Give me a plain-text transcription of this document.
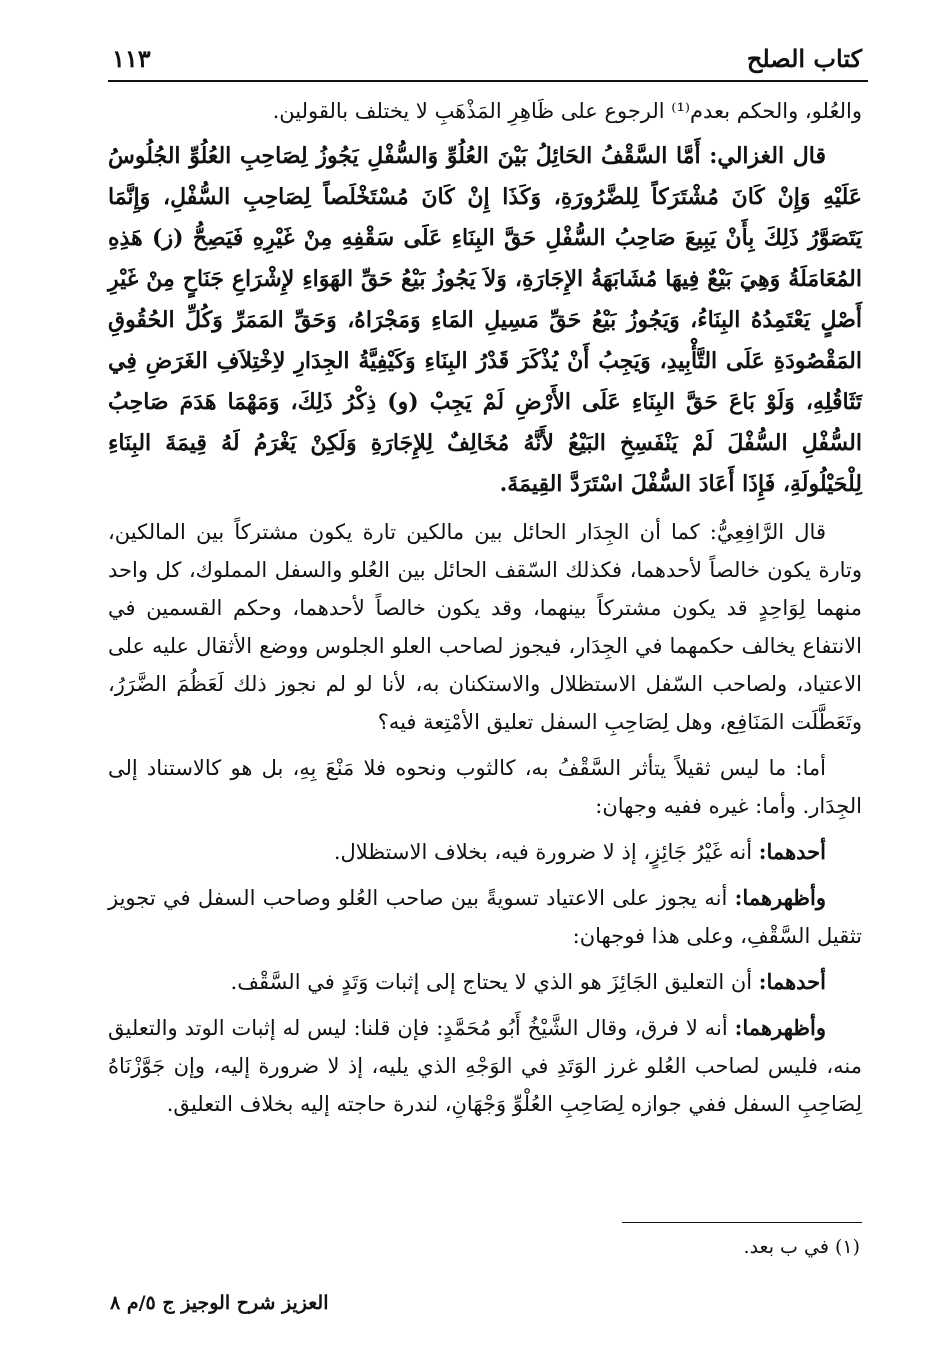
كتاب الصلح
١١٣

والعُلو، والحكم بعدم⁽¹⁾ الرجوع على ظَاهِرِ المَذْهَبِ لا يختلف بالقولين.

قال الغزالي: أَمَّا السَّقْفُ الحَائِلُ بَيْنَ العُلُوِّ وَالسُّفْلِ يَجُوزُ لِصَاحِبِ العُلُوِّ الجُلُوسُ عَلَيْهِ وَإِنْ كَانَ مُشْتَرَكاً لِلضَّرُورَةِ، وَكَذَا إِنْ كَانَ مُسْتَخْلَصاً لِصَاحِبِ السُّفْلِ، وَإِنَّمَا يَتَصَوَّرُ ذَلِكَ بِأَنْ يَبِيعَ صَاحِبُ السُّفْلِ حَقَّ البِنَاءِ عَلَى سَقْفِهِ مِنْ غَيْرِهِ فَيَصِحُّ (ز) هَذِهِ المُعَامَلَةُ وَهِيَ بَيْعٌ فِيهَا مُشَابَهَةُ الإِجَارَةِ، وَلاَ يَجُوزُ بَيْعُ حَقِّ الهَوَاءِ لإِشْرَاعِ جَنَاحٍ مِنْ غَيْرِ أَصْلٍ يَعْتَمِدُهُ البِنَاءُ، وَيَجُوزُ بَيْعُ حَقِّ مَسِيلِ المَاءِ وَمَجْرَاهُ، وَحَقِّ المَمَرِّ وَكُلِّ الحُقُوقِ المَقْصُودَةِ عَلَى التَّأْبِيدِ، وَيَجِبُ أَنْ يُذْكَرَ قَدْرُ البِنَاءِ وَكَيْفِيَّةُ الجِدَارِ لاِخْتِلاَفِ الغَرَضِ فِي تَثَاقُلِهِ، وَلَوْ بَاعَ حَقَّ البِنَاءِ عَلَى الأَرْضِ لَمْ يَجِبْ (و) ذِكْرُ ذَلِكَ، وَمَهْمَا هَدَمَ صَاحِبُ السُّفْلِ السُّفْلَ لَمْ يَنْفَسِخِ البَيْعُ لأَنَّهُ مُخَالِفٌ لِلإِجَارَةِ وَلَكِنْ يَغْرَمُ لَهُ قِيمَةَ البِنَاءِ لِلْحَيْلُولَةِ، فَإِذَا أَعَادَ السُّفْلَ اسْتَرَدَّ القِيمَةَ.

قال الرَّافِعِيُّ: كما أن الجِدَار الحائل بين مالكين تارة يكون مشتركاً بين المالكين، وتارة يكون خالصاً لأحدهما، فكذلك السّقف الحائل بين العُلو والسفل المملوك، كل واحد منهما لِوَاحِدٍ قد يكون مشتركاً بينهما، وقد يكون خالصاً لأحدهما، وحكم القسمين في الانتفاع يخالف حكمهما في الجِدَار، فيجوز لصاحب العلو الجلوس ووضع الأثقال عليه على الاعتياد، ولصاحب السّفل الاستظلال والاستكنان به، لأنا لو لم نجوز ذلك لَعَظُمَ الضَّرَرُ، وتَعَطَّلَت المَنَافِع، وهل لِصَاحِبِ السفل تعليق الأمْتِعة فيه؟

أما: ما ليس ثقيلاً يتأثر السَّقْفُ به، كالثوب ونحوه فلا مَنْعَ بِهِ، بل هو كالاستناد إلى الجِدَار. وأما: غيره ففيه وجهان:

أحدهما: أنه غَيْرُ جَائِزٍ، إذ لا ضرورة فيه، بخلاف الاستظلال.

وأظهرهما: أنه يجوز على الاعتياد تسويةً بين صاحب العُلو وصاحب السفل في تجويز تثقيل السَّقْفِ، وعلى هذا فوجهان:

أحدهما: أن التعليق الجَائِزَ هو الذي لا يحتاج إلى إثبات وَتَدٍ في السَّقْف.

وأظهرهما: أنه لا فرق، وقال الشَّيْخُ أَبُو مُحَمَّدٍ: فإن قلنا: ليس له إثبات الوتد والتعليق منه، فليس لصاحب العُلو غرز الوَتَدِ في الوَجْهِ الذي يليه، إذ لا ضرورة إليه، وإن جَوَّزْنَاهُ لِصَاحِبِ السفل ففي جوازه لِصَاحِبِ العُلْوِّ وَجْهَانِ، لندرة حاجته إليه بخلاف التعليق.

(١) في ب بعد.
العزيز شرح الوجيز ج ٥/م ٨
